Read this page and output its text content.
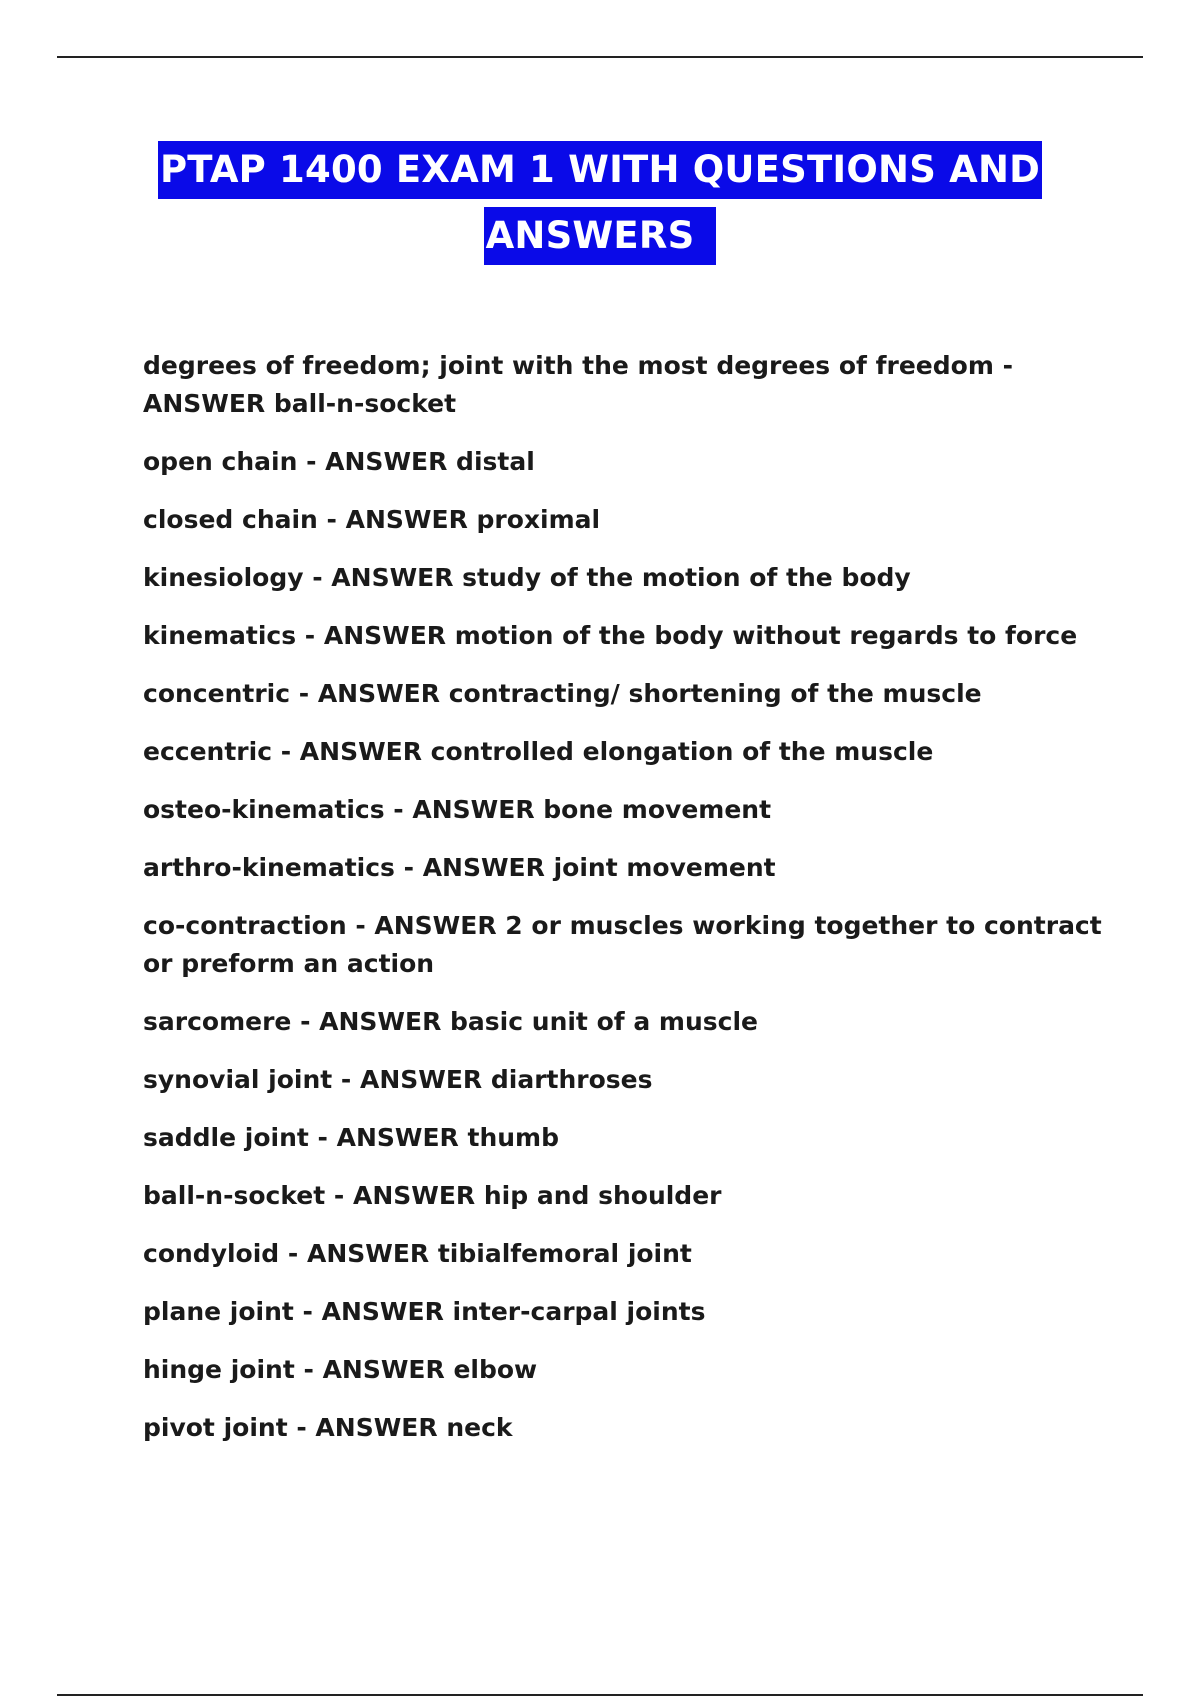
PTAP 1400 EXAM 1 WITH QUESTIONS AND
ANSWERS
degrees of freedom; joint with the most degrees of freedom - ANSWER ball-n-socket
open chain - ANSWER distal
closed chain - ANSWER proximal
kinesiology - ANSWER study of the motion of the body
kinematics - ANSWER motion of the body without regards to force
concentric - ANSWER contracting/ shortening of the muscle
eccentric - ANSWER controlled elongation of the muscle
osteo-kinematics - ANSWER bone movement
arthro-kinematics - ANSWER joint movement
co-contraction - ANSWER 2 or muscles working together to contract or preform an action
sarcomere - ANSWER basic unit of a muscle
synovial joint - ANSWER diarthroses
saddle joint - ANSWER thumb
ball-n-socket - ANSWER hip and shoulder
condyloid - ANSWER tibialfemoral joint
plane joint - ANSWER inter-carpal joints
hinge joint - ANSWER elbow
pivot joint - ANSWER neck
